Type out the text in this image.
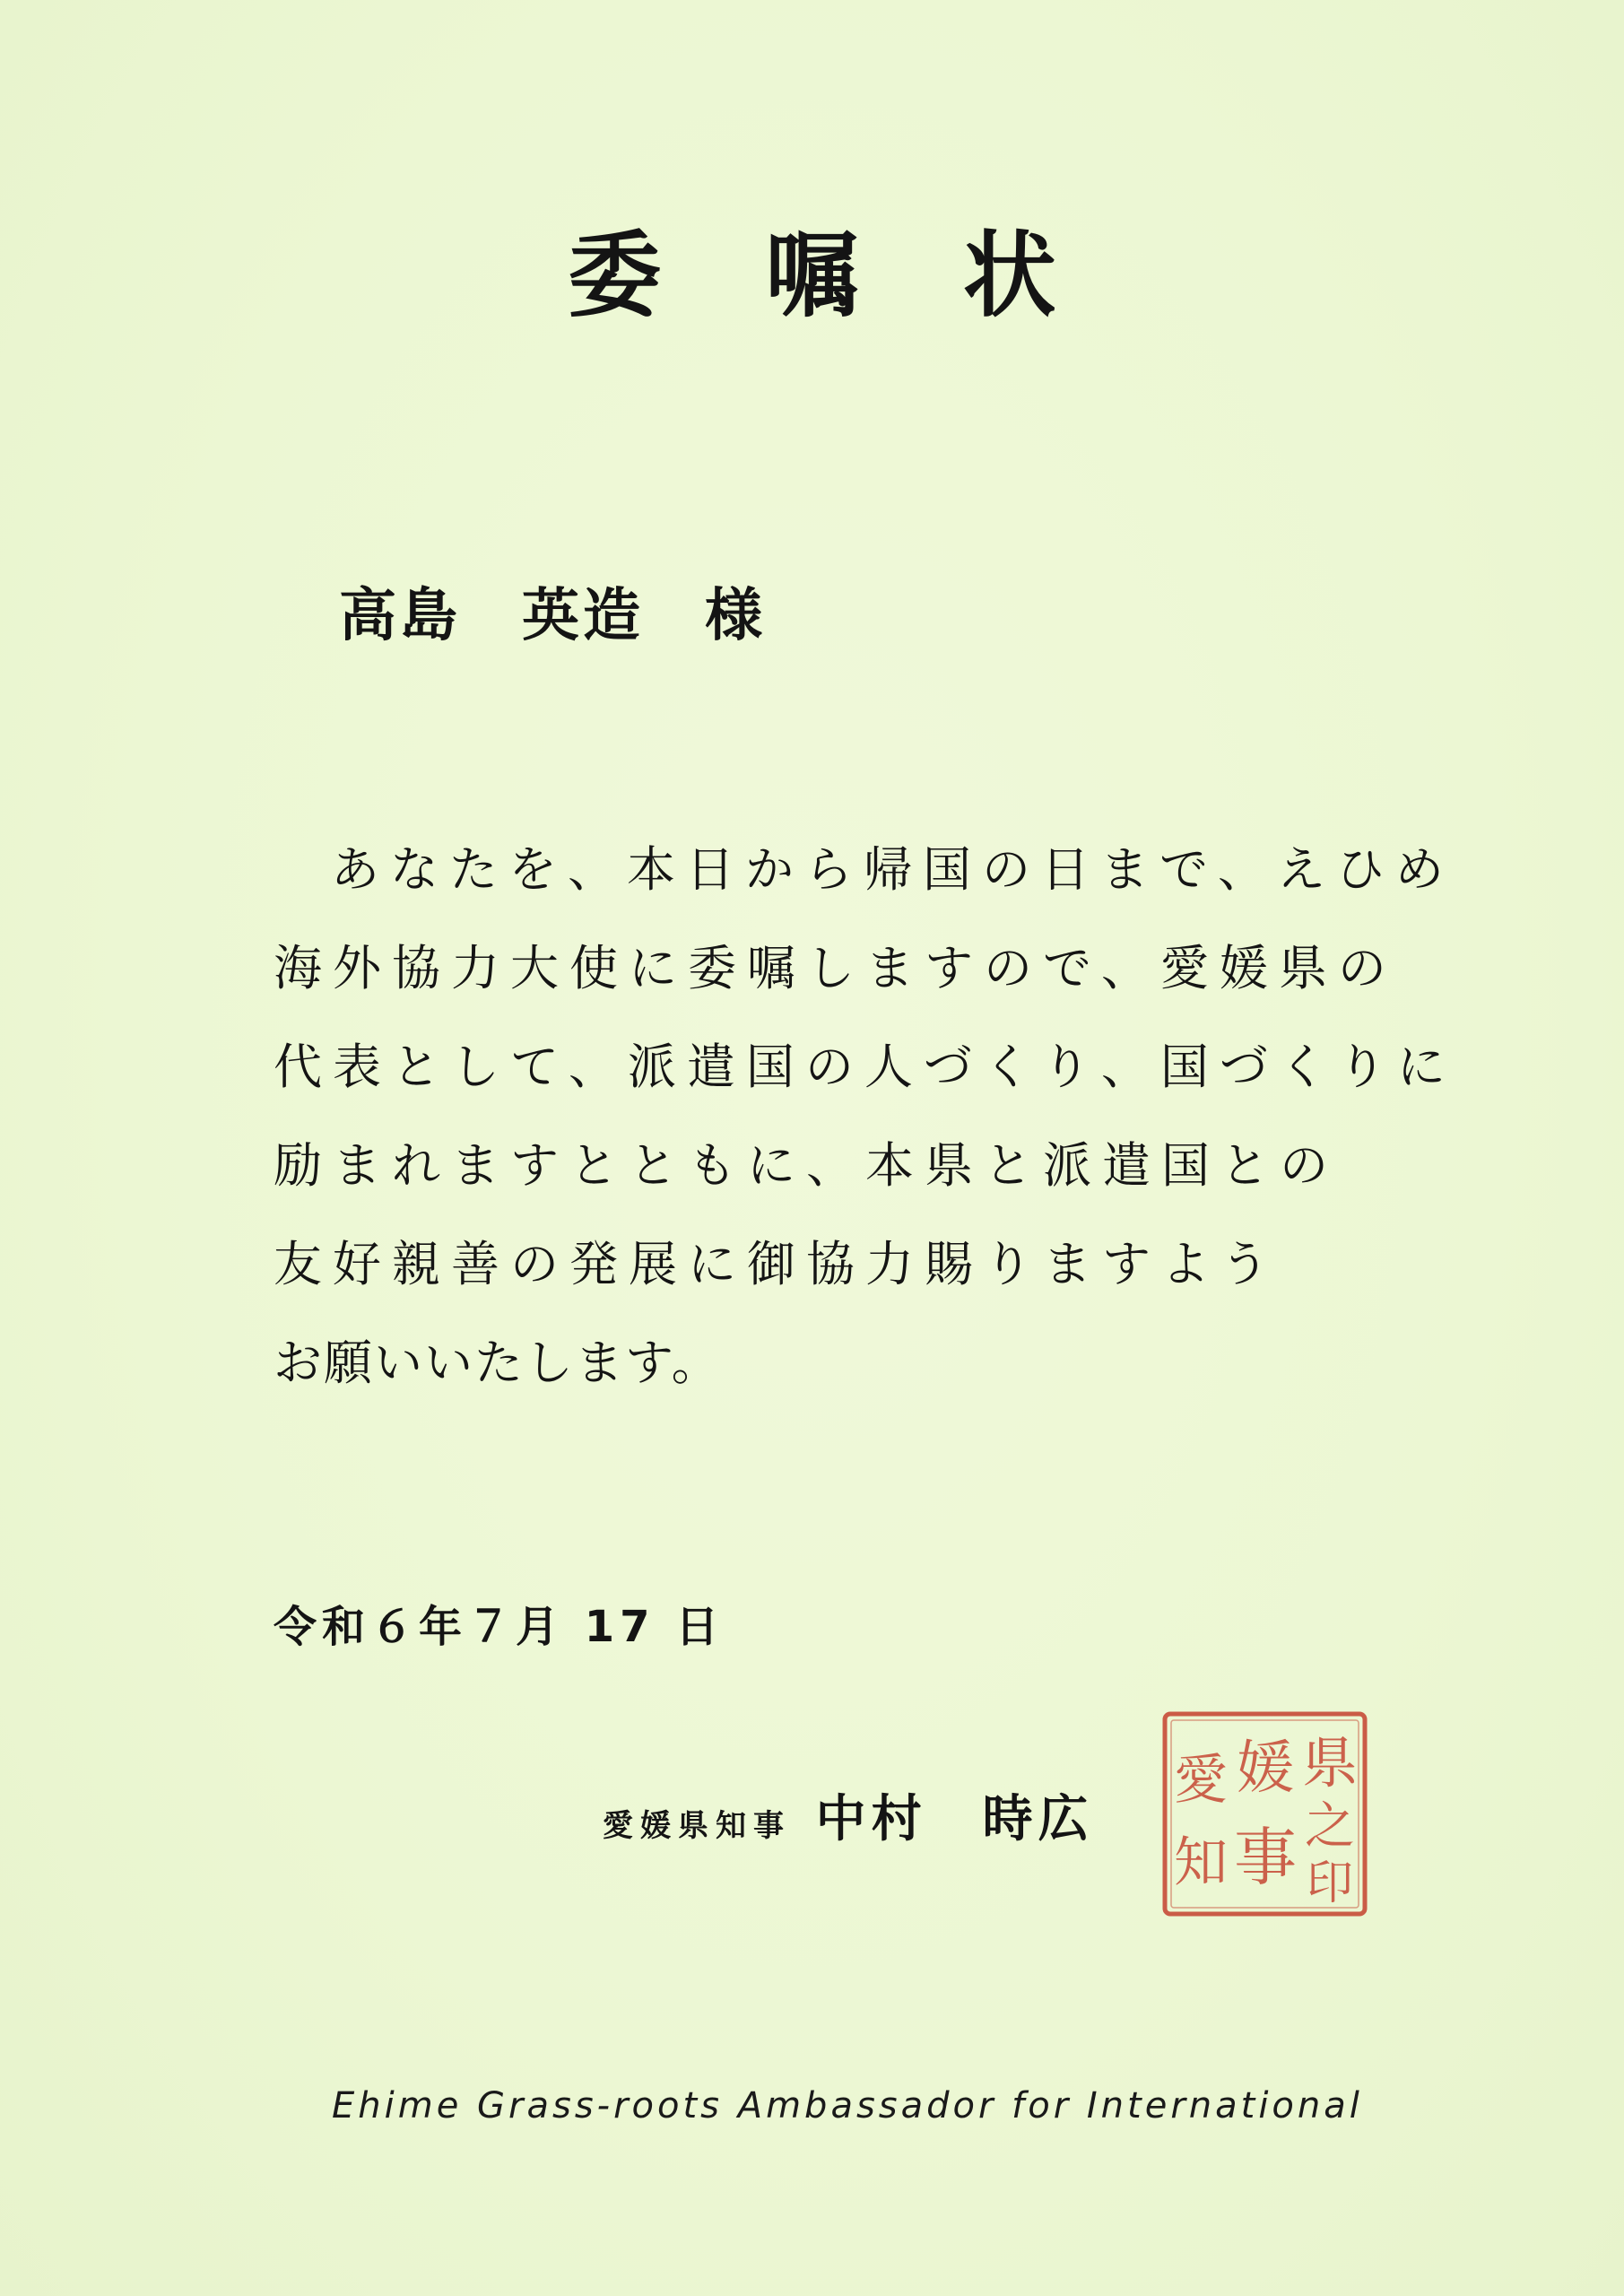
委 嘱 状
高島　英造　様
あなたを、本日から帰国の日まで、えひめ
海外協力大使に委嘱しますので、愛媛県の
代表として、派遣国の人づくり、国づくりに
励まれますとともに、本県と派遣国との
友好親善の発展に御協力賜りますよう
お願いいたします。
令和６年７月 17 日
愛媛県知事 中村　時広
県
之
印
媛
事
愛
知
Ehime Grass-roots Ambassador for International
